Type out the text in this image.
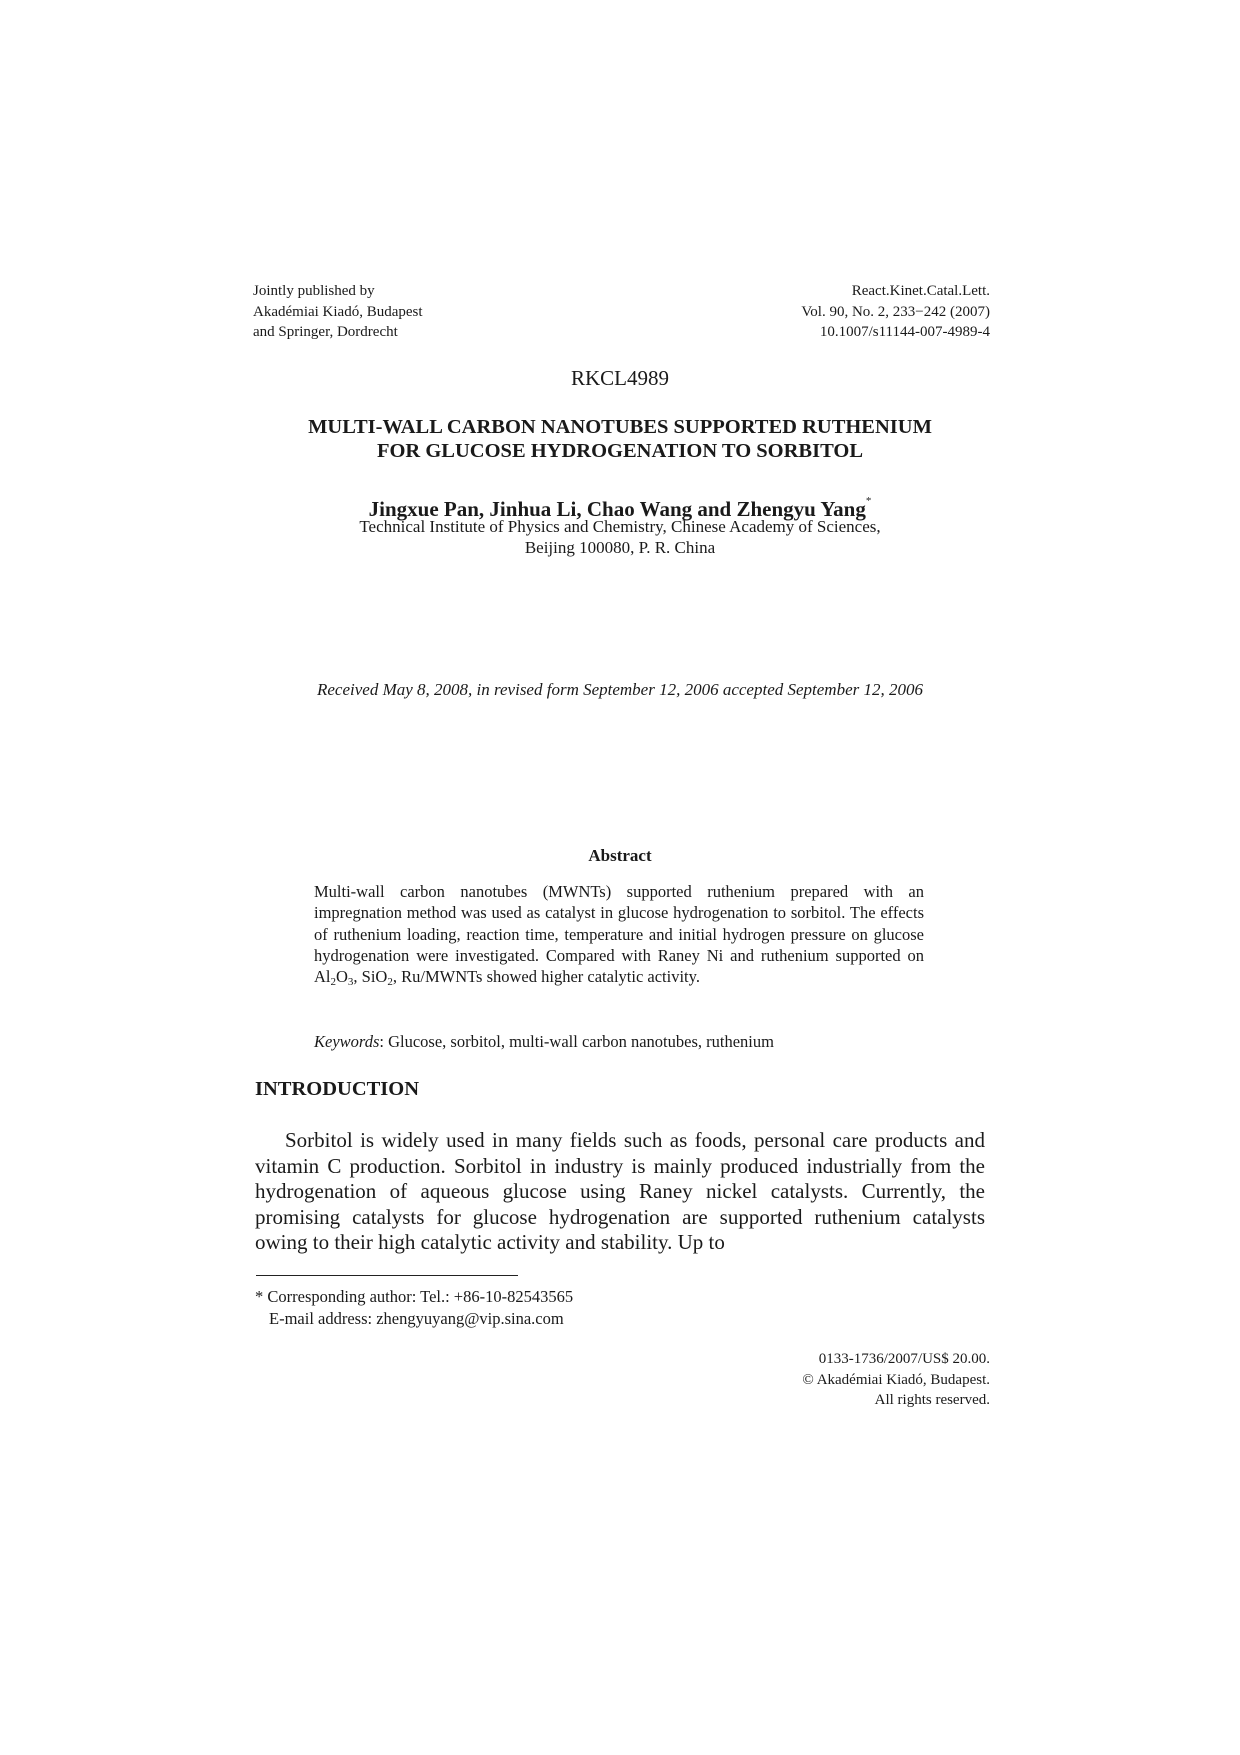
Jointly published by
Akadémiai Kiadó, Budapest
and Springer, Dordrecht
React.Kinet.Catal.Lett.
Vol. 90, No. 2, 233−242 (2007)
10.1007/s11144-007-4989-4
RKCL4989
MULTI-WALL CARBON NANOTUBES SUPPORTED RUTHENIUM
FOR GLUCOSE HYDROGENATION TO SORBITOL
Jingxue Pan, Jinhua Li, Chao Wang and Zhengyu Yang*
Technical Institute of Physics and Chemistry, Chinese Academy of Sciences,
Beijing 100080, P. R. China
Received May 8, 2008, in revised form September 12, 2006 accepted September 12, 2006
Abstract
Multi-wall carbon nanotubes (MWNTs) supported ruthenium prepared with an impregnation method was used as catalyst in glucose hydrogenation to sorbitol. The effects of ruthenium loading, reaction time, temperature and initial hydrogen pressure on glucose hydrogenation were investigated. Compared with Raney Ni and ruthenium supported on $Al_2O_3$, SiO$_2$, Ru/MWNTs showed higher catalytic activity.
Keywords: Glucose, sorbitol, multi-wall carbon nanotubes, ruthenium
INTRODUCTION

Sorbitol is widely used in many fields such as foods, personal care products and vitamin C production. Sorbitol in industry is mainly produced industrially from the hydrogenation of aqueous glucose using Raney nickel catalysts. Currently, the promising catalysts for glucose hydrogenation are supported ruthenium catalysts owing to their high catalytic activity and stability. Up to

* Corresponding author: Tel.: +86-10-82543565
E-mail address: zhengyuyang@vip.sina.com
0133-1736/2007/US$ 20.00.
© Akadémiai Kiadó, Budapest.
All rights reserved.
